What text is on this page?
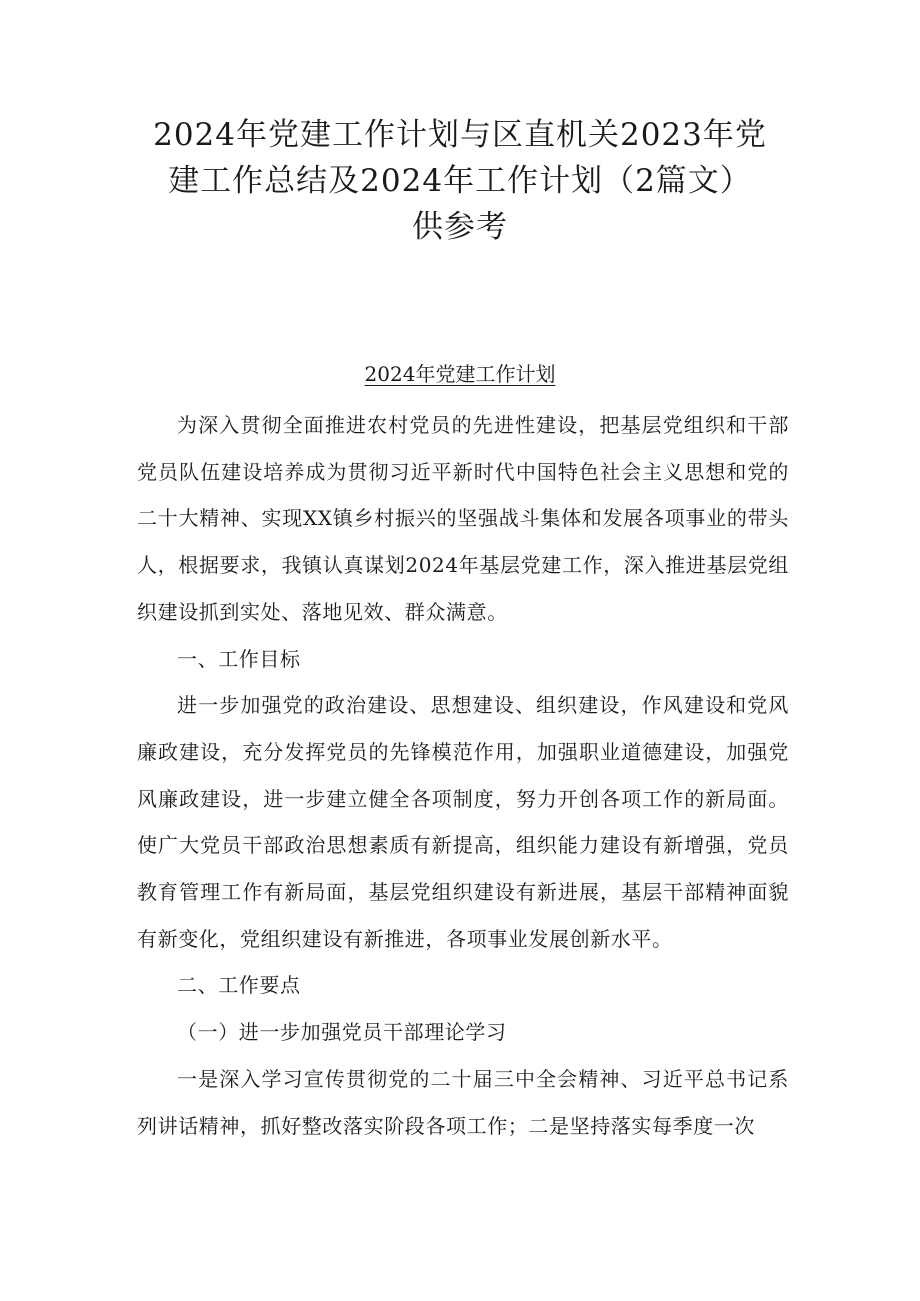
2024年党建工作计划与区直机关2023年党
建工作总结及2024年工作计划（2篇文）
供参考
2024年党建工作计划

为深入贯彻全面推进农村党员的先进性建设，把基层党组织和干部党员队伍建设培养成为贯彻习近平新时代中国特色社会主义思想和党的二十大精神、实现XX镇乡村振兴的坚强战斗集体和发展各项事业的带头人，根据要求，我镇认真谋划2024年基层党建工作，深入推进基层党组织建设抓到实处、落地见效、群众满意。

一、工作目标

进一步加强党的政治建设、思想建设、组织建设，作风建设和党风廉政建设，充分发挥党员的先锋模范作用，加强职业道德建设，加强党风廉政建设，进一步建立健全各项制度，努力开创各项工作的新局面。使广大党员干部政治思想素质有新提高，组织能力建设有新增强，党员教育管理工作有新局面，基层党组织建设有新进展，基层干部精神面貌有新变化，党组织建设有新推进，各项事业发展创新水平。

二、工作要点

（一）进一步加强党员干部理论学习

一是深入学习宣传贯彻党的二十届三中全会精神、习近平总书记系列讲话精神，抓好整改落实阶段各项工作；二是坚持落实每季度一次
